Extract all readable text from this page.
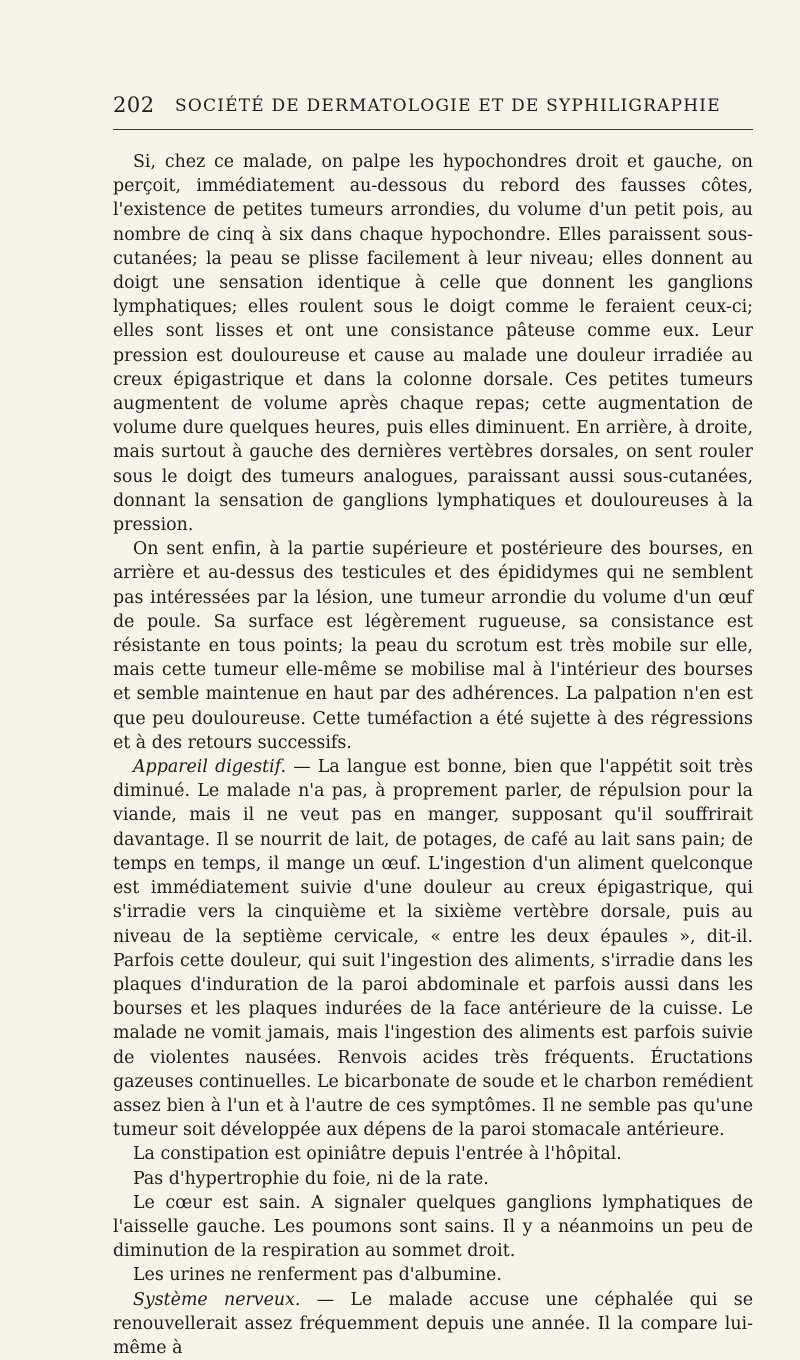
202 SOCIÉTÉ DE DERMATOLOGIE ET DE SYPHILIGRAPHIE

Si, chez ce malade, on palpe les hypochondres droit et gauche, on perçoit, immédiatement au-dessous du rebord des fausses côtes, l'existence de petites tumeurs arrondies, du volume d'un petit pois, au nombre de cinq à six dans chaque hypochondre. Elles paraissent sous-cutanées; la peau se plisse facilement à leur niveau; elles donnent au doigt une sensation identique à celle que donnent les ganglions lymphatiques; elles roulent sous le doigt comme le feraient ceux-ci; elles sont lisses et ont une consistance pâteuse comme eux. Leur pression est douloureuse et cause au malade une douleur irradiée au creux épigastrique et dans la colonne dorsale. Ces petites tumeurs augmentent de volume après chaque repas; cette augmentation de volume dure quelques heures, puis elles diminuent. En arrière, à droite, mais surtout à gauche des dernières vertèbres dorsales, on sent rouler sous le doigt des tumeurs analogues, paraissant aussi sous-cutanées, donnant la sensation de ganglions lymphatiques et douloureuses à la pression.

On sent enfin, à la partie supérieure et postérieure des bourses, en arrière et au-dessus des testicules et des épididymes qui ne semblent pas intéressées par la lésion, une tumeur arrondie du volume d'un œuf de poule. Sa surface est légèrement rugueuse, sa consistance est résistante en tous points; la peau du scrotum est très mobile sur elle, mais cette tumeur elle-même se mobilise mal à l'intérieur des bourses et semble maintenue en haut par des adhérences. La palpation n'en est que peu douloureuse. Cette tuméfaction a été sujette à des régressions et à des retours successifs.

Appareil digestif. — La langue est bonne, bien que l'appétit soit très diminué. Le malade n'a pas, à proprement parler, de répulsion pour la viande, mais il ne veut pas en manger, supposant qu'il souffrirait davantage. Il se nourrit de lait, de potages, de café au lait sans pain; de temps en temps, il mange un œuf. L'ingestion d'un aliment quelconque est immédiatement suivie d'une douleur au creux épigastrique, qui s'irradie vers la cinquième et la sixième vertèbre dorsale, puis au niveau de la septième cervicale, « entre les deux épaules », dit-il. Parfois cette douleur, qui suit l'ingestion des aliments, s'irradie dans les plaques d'induration de la paroi abdominale et parfois aussi dans les bourses et les plaques indurées de la face antérieure de la cuisse. Le malade ne vomit jamais, mais l'ingestion des aliments est parfois suivie de violentes nausées. Renvois acides très fréquents. Éructations gazeuses continuelles. Le bicarbonate de soude et le charbon remédient assez bien à l'un et à l'autre de ces symptômes. Il ne semble pas qu'une tumeur soit développée aux dépens de la paroi stomacale antérieure.

La constipation est opiniâtre depuis l'entrée à l'hôpital.

Pas d'hypertrophie du foie, ni de la rate.

Le cœur est sain. A signaler quelques ganglions lymphatiques de l'aisselle gauche. Les poumons sont sains. Il y a néanmoins un peu de diminution de la respiration au sommet droit.

Les urines ne renferment pas d'albumine.

Système nerveux. — Le malade accuse une céphalée qui se renouvellerait assez fréquemment depuis une année. Il la compare lui-même à
